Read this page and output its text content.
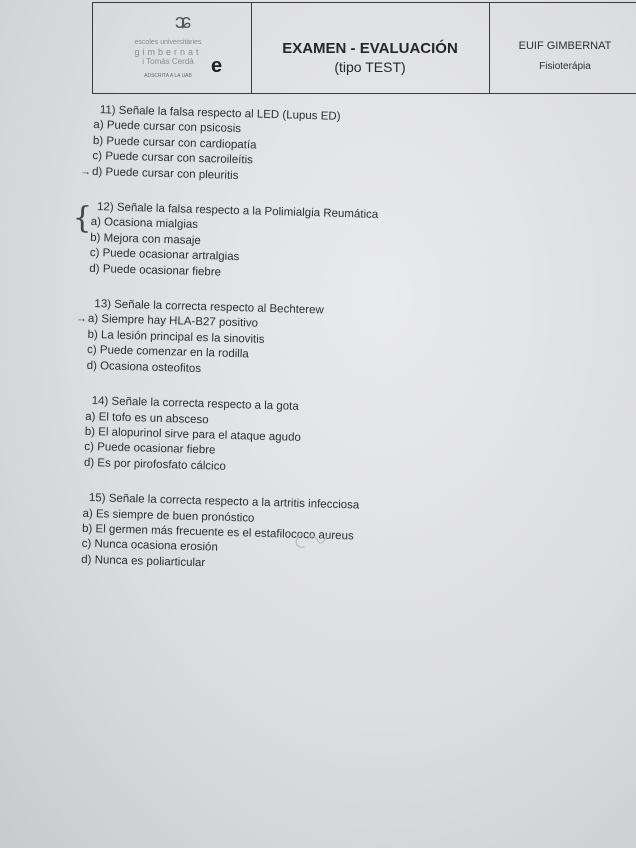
ɔɕ
escoles universitàries
gimbernat
i Tomàs Cerdà
ADSCRITA A LA UAB e
EXAMEN - EVALUACIÓN
(tipo TEST)
EUIF GIMBERNAT
Fisioterápia
11) Señale la falsa respecto al LED (Lupus ED)
a) Puede cursar con psicosis
b) Puede cursar con cardiopatía
c) Puede cursar con sacroileítis
→ d) Puede cursar con pleuritis
12) Señale la falsa respecto a la Polimialgia Reumática
{
a) Ocasiona mialgias
b) Mejora con masaje
c) Puede ocasionar artralgias
d) Puede ocasionar fiebre
13) Señale la correcta respecto al Bechterew
→ a) Siempre hay HLA-B27 positivo
b) La lesión principal es la sinovitis
c) Puede comenzar en la rodilla
d) Ocasiona osteofitos
14) Señale la correcta respecto a la gota
a) El tofo es un absceso
b) El alopurinol sirve para el ataque agudo
c) Puede ocasionar fiebre
d) Es por pirofosfato cálcico
15) Señale la correcta respecto a la artritis infecciosa
a) Es siempre de buen pronóstico
b) El germen más frecuente es el estafilococo aureus
c) Nunca ocasiona erosión
d) Nunca es poliarticular
